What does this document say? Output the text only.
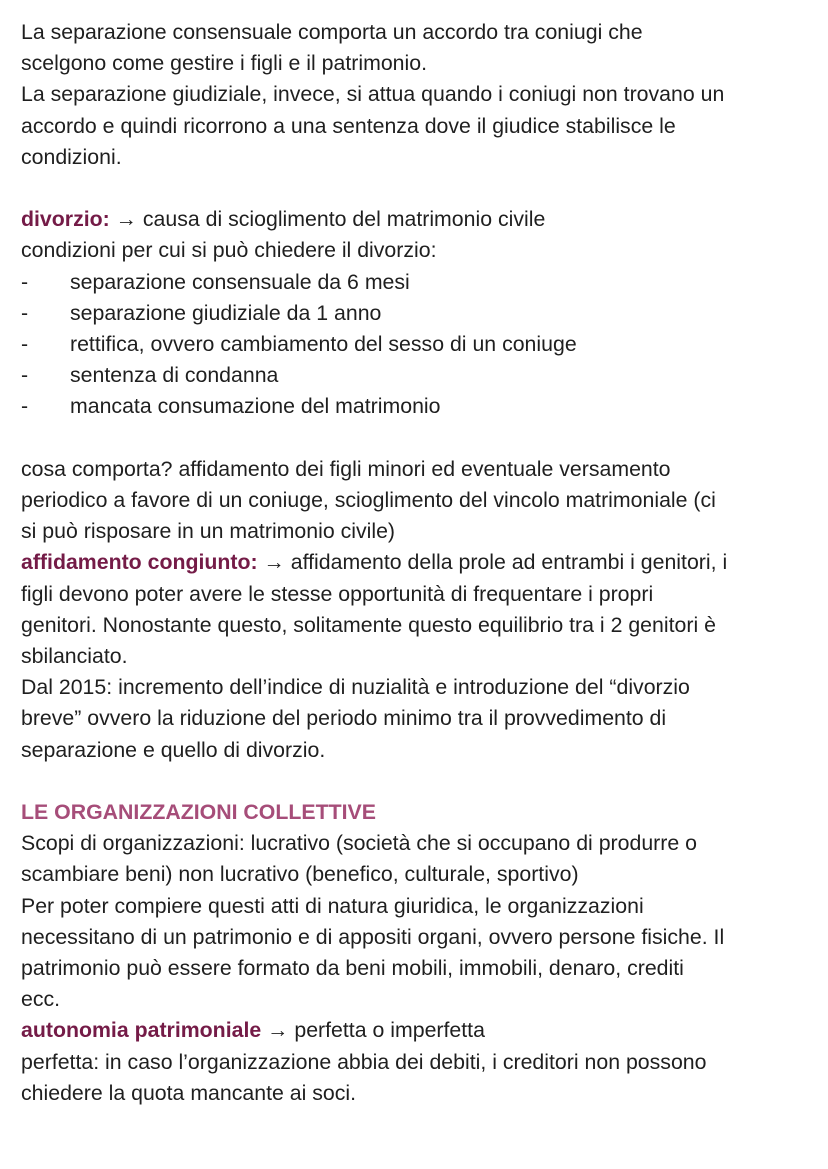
La separazione consensuale comporta un accordo tra coniugi che
scelgono come gestire i figli e il patrimonio.
La separazione giudiziale, invece, si attua quando i coniugi non trovano un
accordo e quindi ricorrono a una sentenza dove il giudice stabilisce le
condizioni.
divorzio: → causa di scioglimento del matrimonio civile
condizioni per cui si può chiedere il divorzio:
-	separazione consensuale da 6 mesi
-	separazione giudiziale da 1 anno
-	rettifica, ovvero cambiamento del sesso di un coniuge
-	sentenza di condanna
-	mancata consumazione del matrimonio
cosa comporta? affidamento dei figli minori ed eventuale versamento
periodico a favore di un coniuge, scioglimento del vincolo matrimoniale (ci
si può risposare in un matrimonio civile)
affidamento congiunto: → affidamento della prole ad entrambi i genitori, i
figli devono poter avere le stesse opportunità di frequentare i propri
genitori. Nonostante questo, solitamente questo equilibrio tra i 2 genitori è
sbilanciato.
Dal 2015: incremento dell’indice di nuzialità e introduzione del “divorzio
breve” ovvero la riduzione del periodo minimo tra il provvedimento di
separazione e quello di divorzio.
LE ORGANIZZAZIONI COLLETTIVE
Scopi di organizzazioni: lucrativo (società che si occupano di produrre o
scambiare beni) non lucrativo (benefico, culturale, sportivo)
Per poter compiere questi atti di natura giuridica, le organizzazioni
necessitano di un patrimonio e di appositi organi, ovvero persone fisiche. Il
patrimonio può essere formato da beni mobili, immobili, denaro, crediti
ecc.
autonomia patrimoniale → perfetta o imperfetta
perfetta: in caso l’organizzazione abbia dei debiti, i creditori non possono
chiedere la quota mancante ai soci.
